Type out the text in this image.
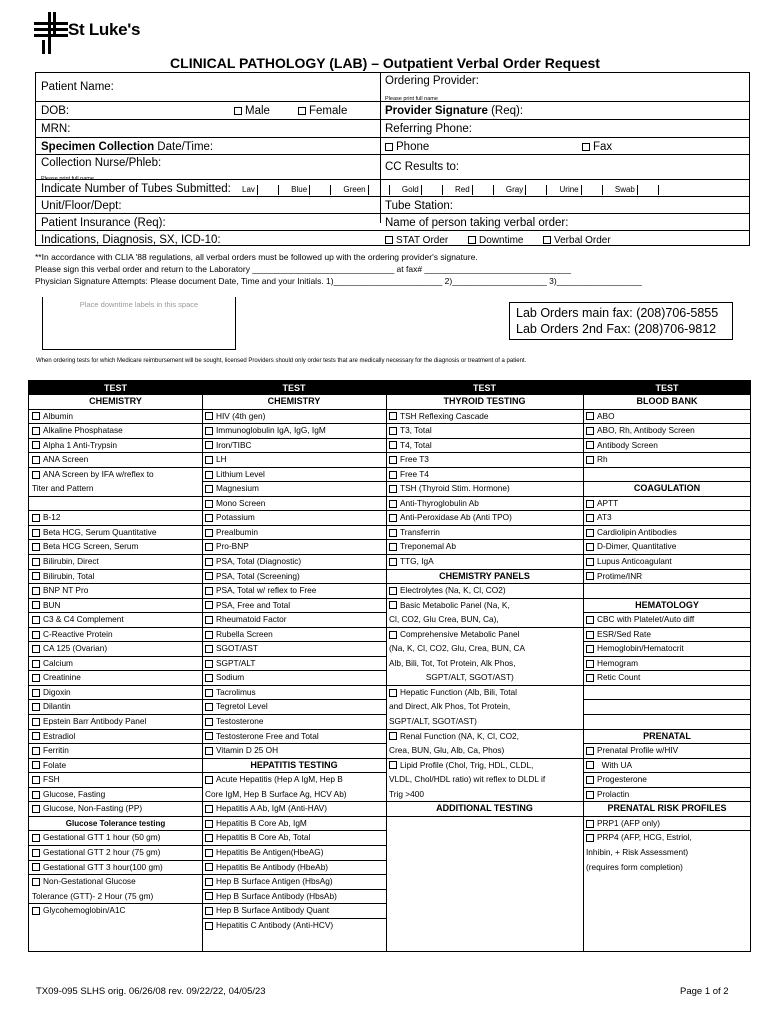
St Luke's
CLINICAL PATHOLOGY (LAB) – Outpatient Verbal Order Request
Patient Name:	Ordering Provider:
Please print full name
DOB:	Male	Female	Provider Signature (Req):
MRN:	Referring Phone:
Specimen Collection Date/Time:	Phone	Fax
Collection Nurse/Phleb:
Please print full name
CC Results to:
Indicate Number of Tubes Submitted: Lav	Blue	Green	Gold	Red	Gray	Urine	Swab
Unit/Floor/Dept:	Tube Station:
Patient Insurance (Req):	Name of person taking verbal order:
Indications, Diagnosis, SX, ICD-10:	STAT Order	Downtime	Verbal Order
**In accordance with CLIA '88 regulations, all verbal orders must be followed up with the ordering provider's signature.
Please sign this verbal order and return to the Laboratory ______________________________ at fax# _______________________________
Physician Signature Attempts: Please document Date, Time and your Initials. 1)_______________________ 2)____________________ 3)__________________
Place downtime labels in this space
Lab Orders main fax: (208)706-5855
Lab Orders 2nd Fax: (208)706-9812
When ordering tests for which Medicare reimbursement will be sought, licensed Providers should only order tests that are medically necessary for the diagnosis or treatment of a patient.
TEST
CHEMISTRY
Albumin
Alkaline Phosphatase
Alpha 1 Anti-Trypsin
ANA Screen
ANA Screen by IFA w/reflex to
Titer and Pattern
B-12
Beta HCG, Serum Quantitative
Beta HCG Screen, Serum
Bilirubin, Direct
Bilirubin, Total
BNP NT Pro
BUN
C3 & C4 Complement
C-Reactive Protein
CA 125 (Ovarian)
Calcium
Creatinine
Digoxin
Dilantin
Epstein Barr Antibody Panel
Estradiol
Ferritin
Folate
FSH
Glucose, Fasting
Glucose, Non-Fasting (PP)
Glucose Tolerance testing
Gestational GTT 1 hour (50 gm)
Gestational GTT 2 hour (75 gm)
Gestational GTT 3 hour(100 gm)
Non-Gestational Glucose
Tolerance (GTT)- 2 Hour (75 gm)
Glycohemoglobin/A1C
TEST
CHEMISTRY
HIV (4th gen)
Immunoglobulin IgA, IgG, IgM
Iron/TIBC
LH
Lithium Level
Magnesium
Mono Screen
Potassium
Prealbumin
Pro-BNP
PSA, Total (Diagnostic)
PSA, Total (Screening)
PSA, Total w/ reflex to Free
PSA, Free and Total
Rheumatoid Factor
Rubella Screen
SGOT/AST
SGPT/ALT
Sodium
Tacrolimus
Tegretol Level
Testosterone
Testosterone Free and Total
Vitamin D 25 OH
HEPATITIS TESTING
Acute Hepatitis (Hep A IgM, Hep B
Core IgM, Hep B Surface Ag, HCV Ab)
Hepatitis A Ab, IgM (Anti-HAV)
Hepatitis B Core Ab, IgM
Hepatitis B Core Ab, Total
Hepatitis Be Antigen(HbeAG)
Hepatitis Be Antibody (HbeAb)
Hep B Surface Antigen (HbsAg)
Hep B Surface Antibody (HbsAb)
Hep B Surface Antibody Quant
Hepatitis C Antibody (Anti-HCV)
TEST
THYROID TESTING
TSH Reflexing Cascade
T3, Total
T4, Total
Free T3
Free T4
TSH (Thyroid Stim. Hormone)
Anti-Thyroglobulin Ab
Anti-Peroxidase Ab (Anti TPO)
Transferrin
Treponemal Ab
TTG, IgA
CHEMISTRY PANELS
Electrolytes (Na, K, Cl, CO2)
Basic Metabolic Panel (Na, K,
Cl, CO2, Glu Crea, BUN, Ca),
Comprehensive Metabolic Panel
(Na, K, Cl, CO2, Glu, Crea, BUN, CA
Alb, Bili, Tot, Tot Protein, Alk Phos,
SGPT/ALT, SGOT/AST)
Hepatic Function (Alb, Bili, Total
and Direct, Alk Phos, Tot Protein,
SGPT/ALT, SGOT/AST)
Renal Function (NA, K, Cl, CO2,
Crea, BUN, Glu, Alb, Ca, Phos)
Lipid Profile (Chol, Trig, HDL, CLDL,
VLDL, Chol/HDL ratio) wit reflex to DLDL if
Trig >400
ADDITIONAL TESTING
TEST
BLOOD BANK
ABO
ABO, Rh, Antibody Screen
Antibody Screen
Rh
COAGULATION
APTT
AT3
Cardiolipin Antibodies
D-Dimer, Quantitative
Lupus Anticoagulant
Protime/INR
HEMATOLOGY
CBC with Platelet/Auto diff
ESR/Sed Rate
Hemoglobin/Hematocrit
Hemogram
Retic Count
PRENATAL
Prenatal Profile w/HIV
With UA
Progesterone
Prolactin
PRENATAL RISK PROFILES
PRP1 (AFP only)
PRP4 (AFP, HCG, Estriol,
Inhibin, + Risk Assessment)
(requires form completion)
TX09-095 SLHS orig. 06/26/08 rev. 09/22/22, 04/05/23	Page 1 of 2
